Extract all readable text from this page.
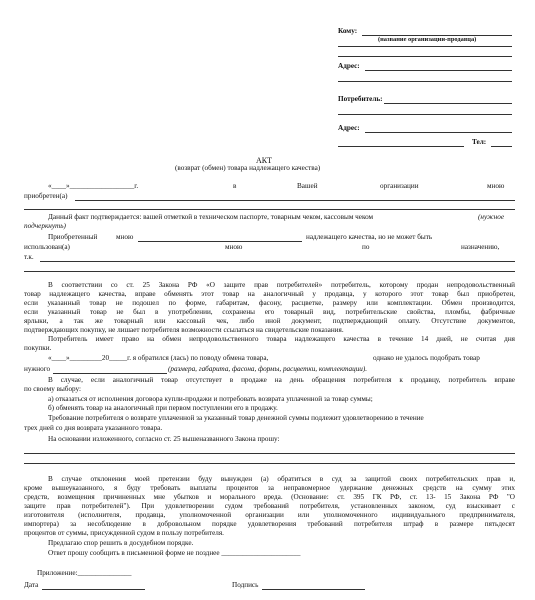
Кому:
(название организации-продавца)
Адрес:
Потребитель:
Адрес:
Тел:
АКТ
(возврат (обмен) товара надлежащего качества)
«____»__________________г.	в	Вашей	организации	мною
приобретен(а)
Данный факт подтверждается: вашей отметкой в техническом паспорте, товарным чеком, кассовым чеком	(нужное
подчеркнуть)
Приобретенный	мною	надлежащего качества, но не может быть
использован(а)	мною	по	назначению,
т.к.
В соответствии со ст. 25 Закона РФ «О защите прав потребителей» потребитель, которому продан непродовольственный
товар надлежащего качества, вправе обменять этот товар на аналогичный у продавца, у которого этот товар был приобретен,
если указанный товар не подошел по форме, габаритам, фасону, расцветке, размеру или комплектации. Обмен производится,
если указанный товар не был в употреблении, сохранены его товарный вид, потребительские свойства, пломбы, фабричные
ярлыки, а так же товарный или кассовый чек, либо иной документ, подтверждающий оплату. Отсутствие документов,
подтверждающих покупку, не лишает потребителя возможности ссылаться на свидетельские показания.
Потребитель имеет право на обмен непродовольственного товара надлежащего качества в течение 14 дней, не считая дня
покупки.
«____»_________20_____г. я обратился (лась) по поводу обмена товара,	однако не удалось подобрать товар
нужного	(размера, габарита, фасона, формы, расцветки, комплектации).
В случае, если аналогичный товар отсутствует в продаже на день обращения потребителя к продавцу, потребитель вправе
по своему выбору:
а) отказаться от исполнения договора купли-продажи и потребовать возврата уплаченной за товар суммы;
б) обменять товар на аналогичный при первом поступлении его в продажу.
Требование потребителя о возврате уплаченной за указанный товар денежной суммы подлежит удовлетворению в течение
трех дней со дня возврата указанного товара.
На основании изложенного, согласно ст. 25 вышеназванного Закона прошу:
В случае отклонения моей претензии буду вынужден (а) обратиться в суд за защитой своих потребительских прав и,
кроме вышеуказанного, я буду требовать выплаты процентов за неправомерное удержание денежных средств на сумму этих
средств, возмещения причиненных мне убытков и морального вреда. (Основание: ст. 395 ГК РФ, ст. 13- 15 Закона РФ "О
защите прав потребителей"). При удовлетворении судом требований потребителя, установленных законом, суд взыскивает с
изготовителя (исполнителя, продавца, уполномоченной организации или уполномоченного индивидуального предпринимателя,
импортера) за несоблюдение в добровольном порядке удовлетворения требований потребителя штраф в размере пятьдесят
процентов от суммы, присужденной судом в пользу потребителя.
Предлагаю спор решить в досудебном порядке.
Ответ прошу сообщить в письменной форме не позднее ______________________
Приложение:_______________
Дата	Подпись
